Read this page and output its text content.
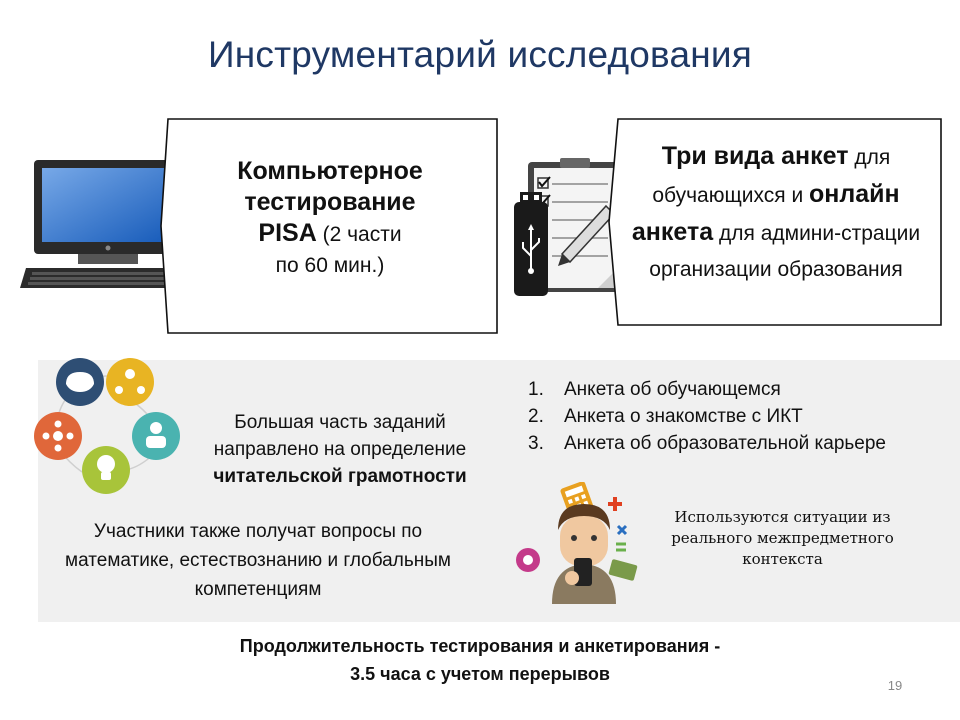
Инструментарий исследования
Компьютерное
тестирование
PISA (2 части
по 60 мин.)
Три вида анкет для обучающихся и онлайн анкета для админи-страции организации образования
Большая часть заданий направлено на определение читательской грамотности
1. Анкета об обучающемся
2. Анкета о знакомстве с ИКТ
3. Анкета об образовательной карьере
Участники также получат вопросы по математике, естествознанию и глобальным компетенциям
Используются ситуации из реального межпредметного контекста
Продолжительность тестирования и анкетирования -
3.5 часа с учетом перерывов
19
